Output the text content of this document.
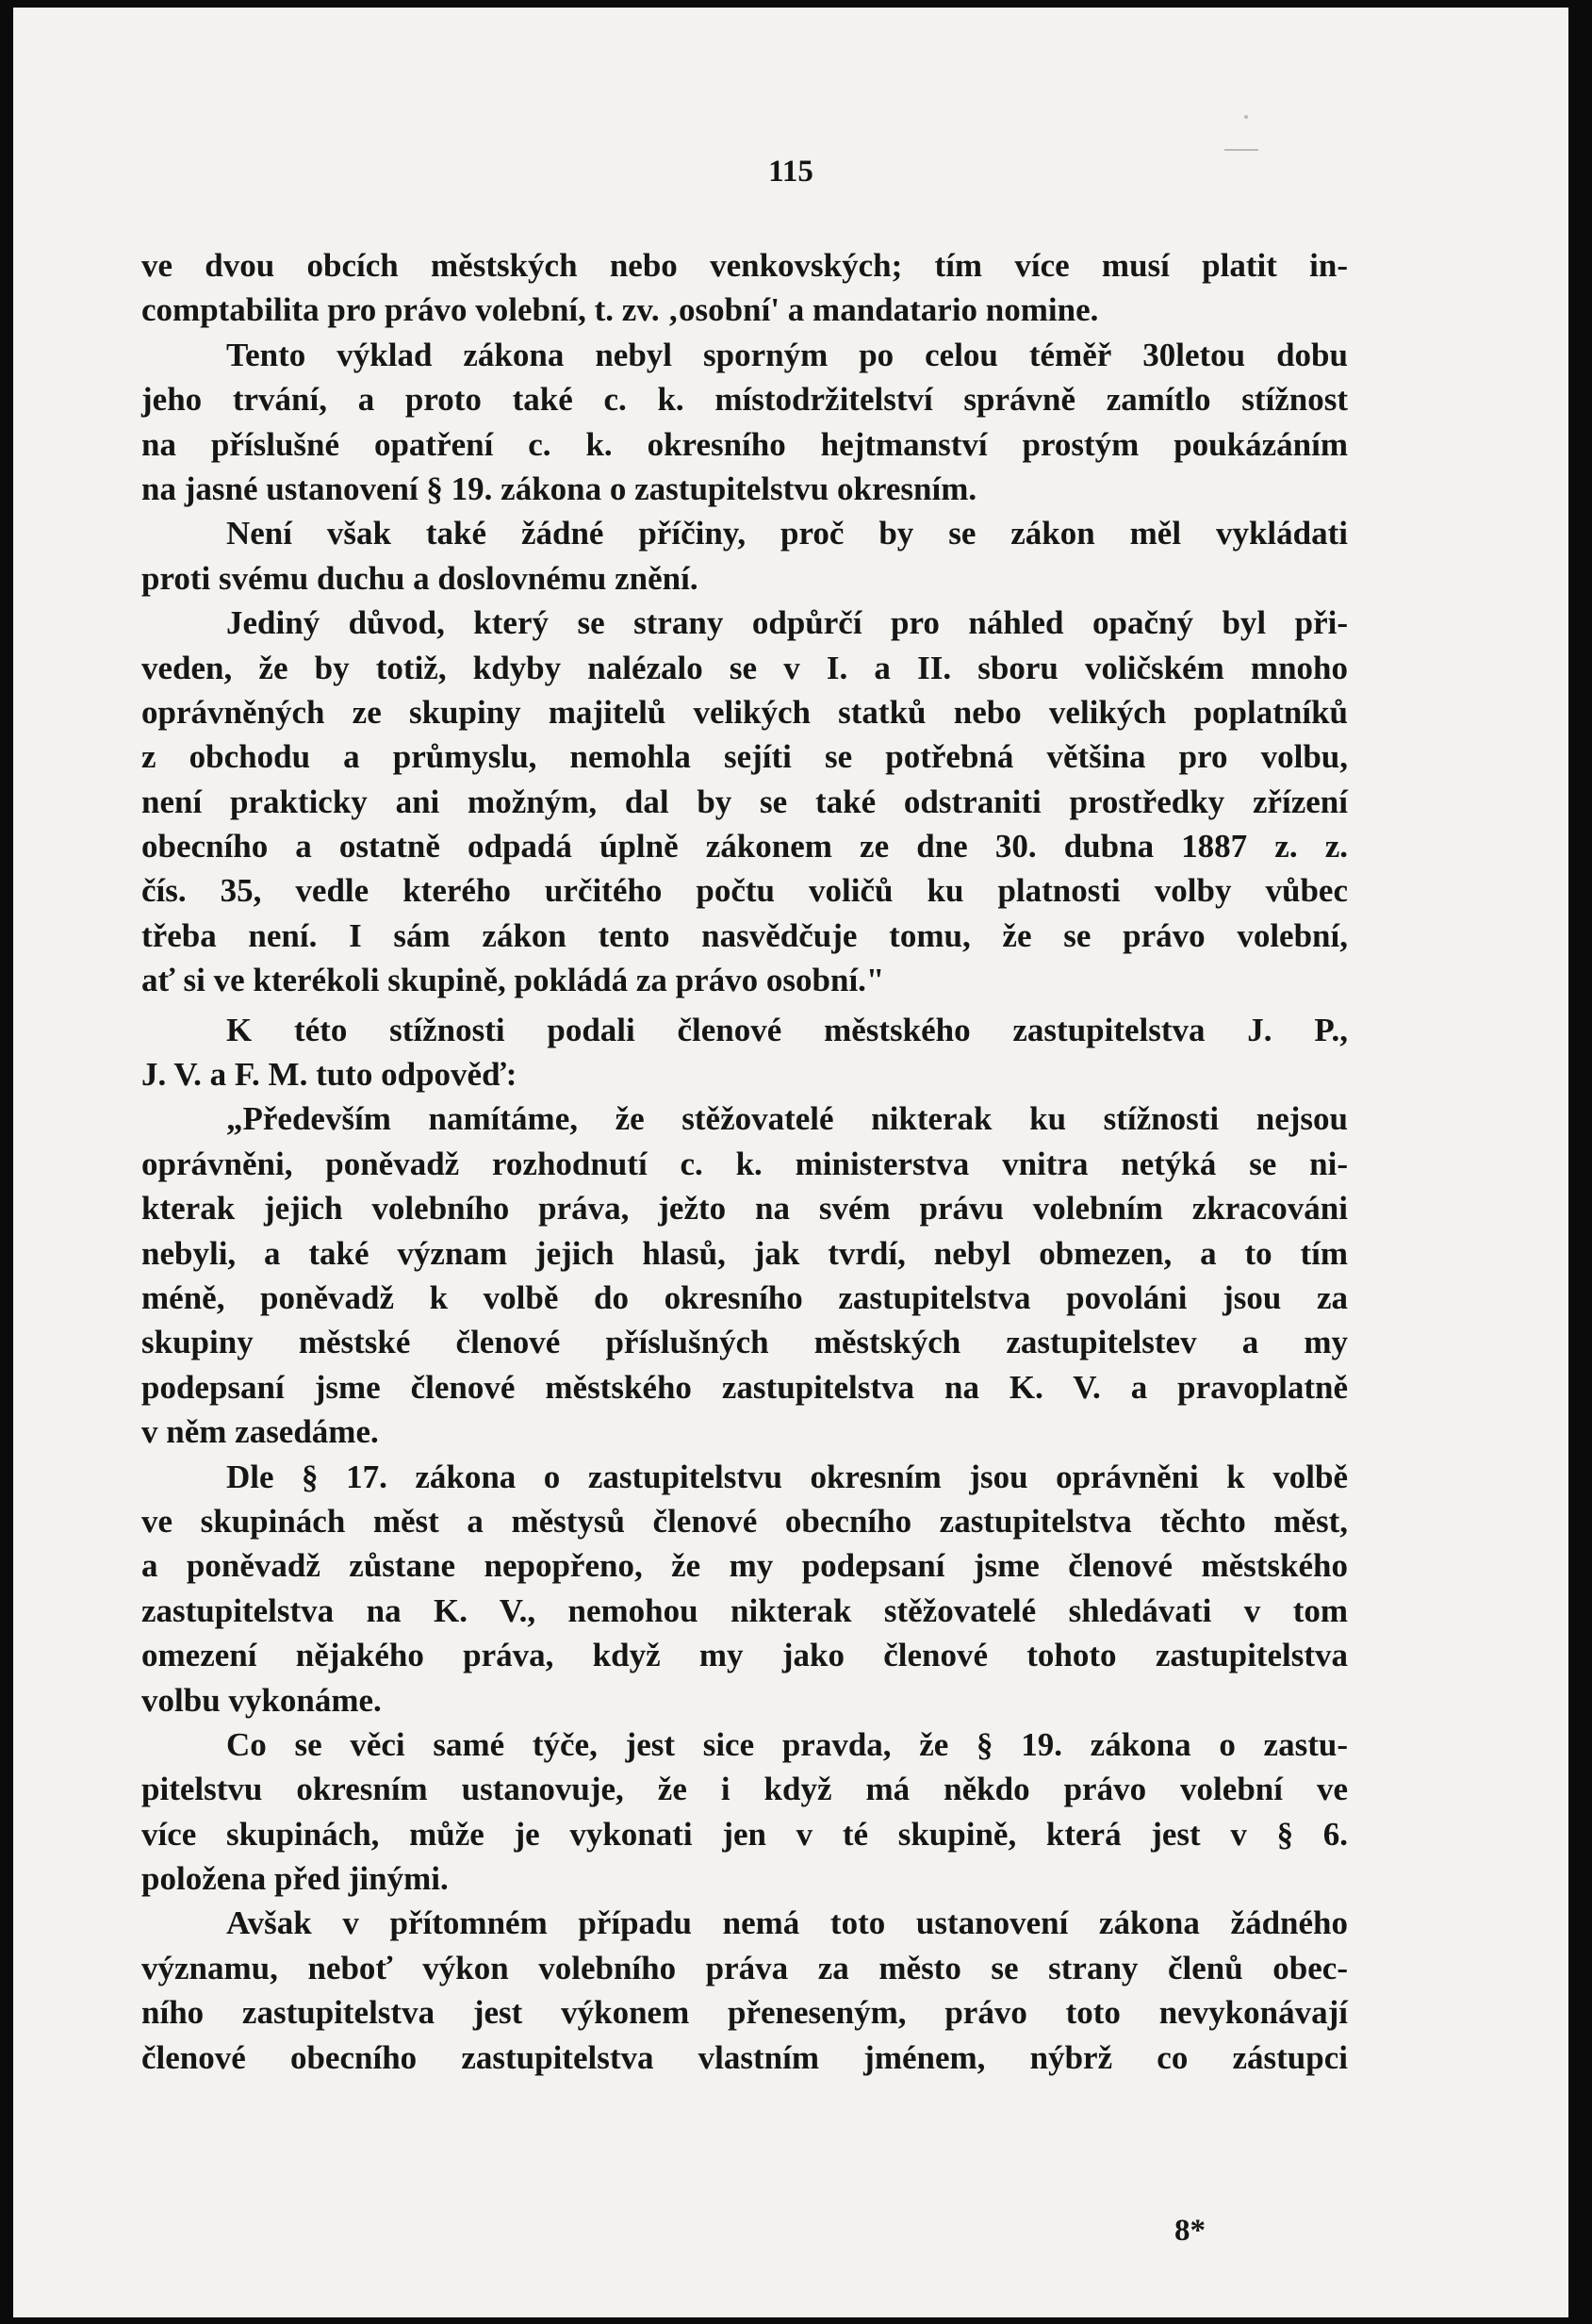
115
ve dvou obcích městských nebo venkovských; tím více musí platit in-
comptabilita pro právo volební, t. zv. ‚osobní' a mandatario nomine.
Tento výklad zákona nebyl sporným po celou téměř 30letou dobu
jeho trvání, a proto také c. k. místodržitelství správně zamítlo stížnost
na příslušné opatření c. k. okresního hejtmanství prostým poukázáním
na jasné ustanovení § 19. zákona o zastupitelstvu okresním.
Není však také žádné příčiny, proč by se zákon měl vykládati
proti svému duchu a doslovnému znění.
Jediný důvod, který se strany odpůrčí pro náhled opačný byl při-
veden, že by totiž, kdyby nalézalo se v I. a II. sboru voličském mnoho
oprávněných ze skupiny majitelů velikých statků nebo velikých poplatníků
z obchodu a průmyslu, nemohla sejíti se potřebná většina pro volbu,
není prakticky ani možným, dal by se také odstraniti prostředky zřízení
obecního a ostatně odpadá úplně zákonem ze dne 30. dubna 1887 z. z.
čís. 35, vedle kterého určitého počtu voličů ku platnosti volby vůbec
třeba není. I sám zákon tento nasvědčuje tomu, že se právo volební,
ať si ve kterékoli skupině, pokládá za právo osobní."
K této stížnosti podali členové městského zastupitelstva J. P.,
J. V. a F. M. tuto odpověď:
„Především namítáme, že stěžovatelé nikterak ku stížnosti nejsou
oprávněni, poněvadž rozhodnutí c. k. ministerstva vnitra netýká se ni-
kterak jejich volebního práva, ježto na svém právu volebním zkracováni
nebyli, a také význam jejich hlasů, jak tvrdí, nebyl obmezen, a to tím
méně, poněvadž k volbě do okresního zastupitelstva povoláni jsou za
skupiny městské členové příslušných městských zastupitelstev a my
podepsaní jsme členové městského zastupitelstva na K. V. a pravoplatně
v něm zasedáme.
Dle § 17. zákona o zastupitelstvu okresním jsou oprávněni k volbě
ve skupinách měst a městysů členové obecního zastupitelstva těchto měst,
a poněvadž zůstane nepopřeno, že my podepsaní jsme členové městského
zastupitelstva na K. V., nemohou nikterak stěžovatelé shledávati v tom
omezení nějakého práva, když my jako členové tohoto zastupitelstva
volbu vykonáme.
Co se věci samé týče, jest sice pravda, že § 19. zákona o zastu-
pitelstvu okresním ustanovuje, že i když má někdo právo volební ve
více skupinách, může je vykonati jen v té skupině, která jest v § 6.
položena před jinými.
Avšak v přítomném případu nemá toto ustanovení zákona žádného
významu, neboť výkon volebního práva za město se strany členů obec-
ního zastupitelstva jest výkonem přeneseným, právo toto nevykonávají
členové obecního zastupitelstva vlastním jménem, nýbrž co zástupci
8*
